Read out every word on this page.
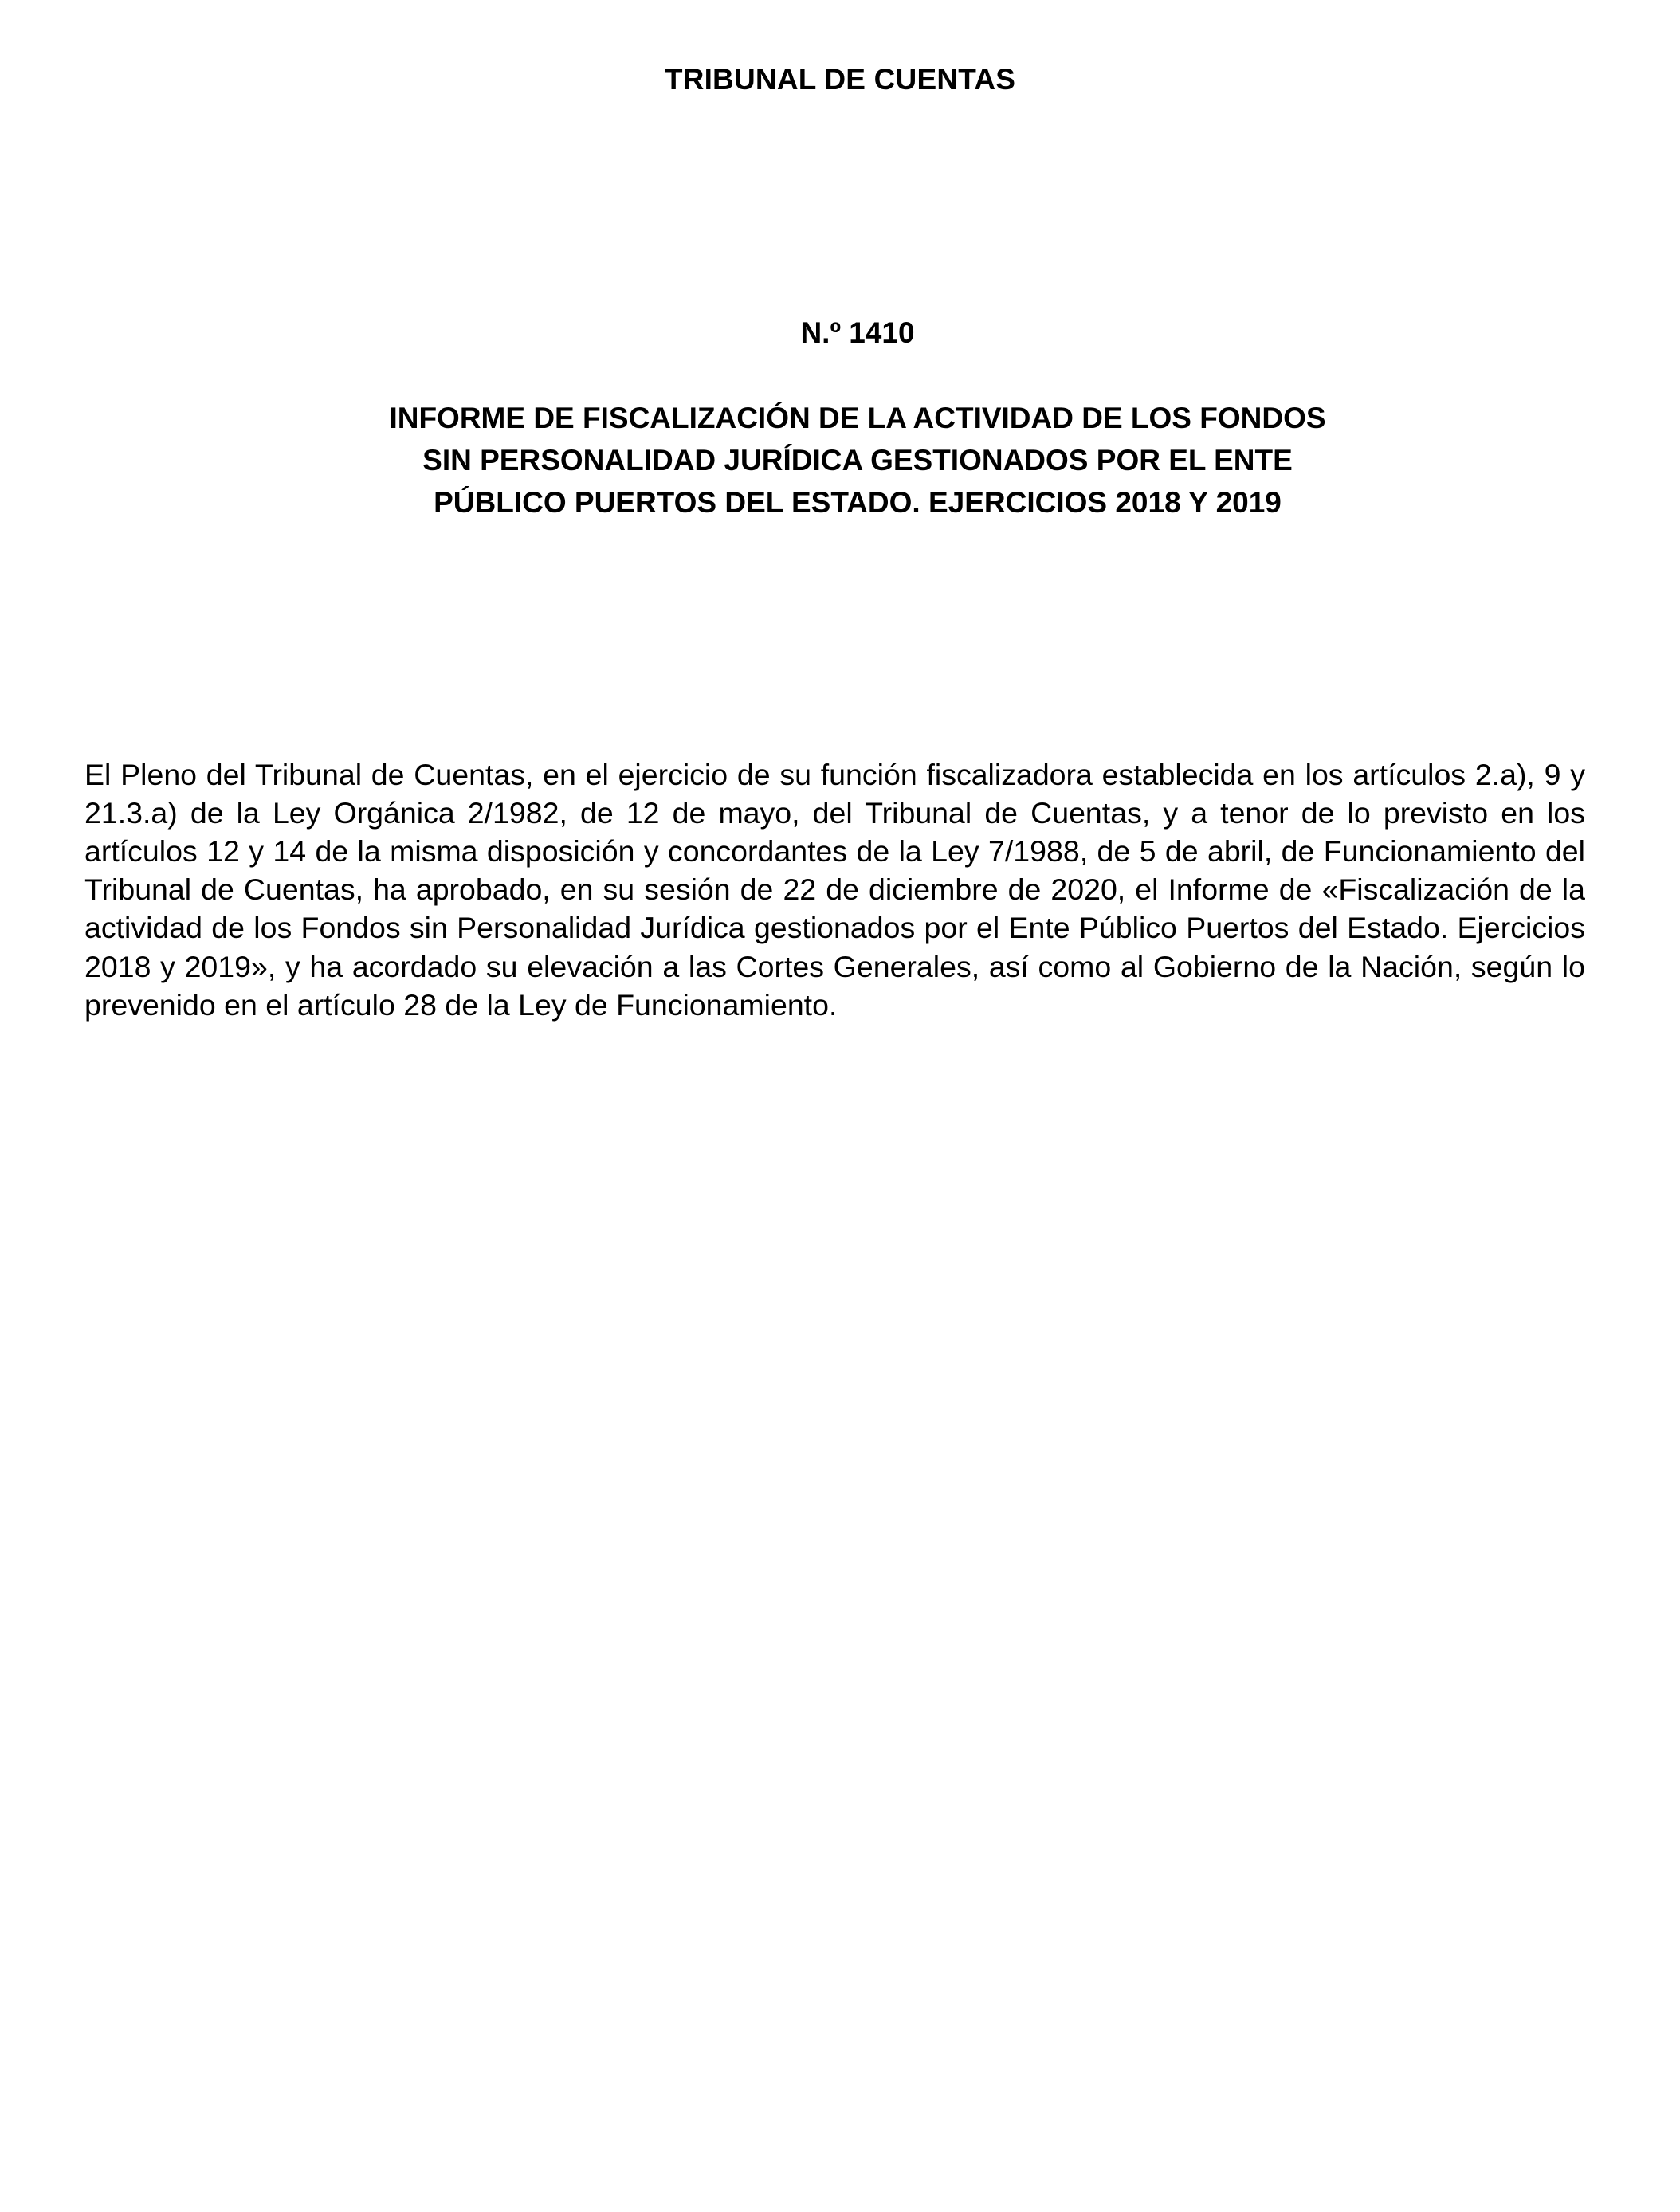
TRIBUNAL DE CUENTAS
N.º 1410
INFORME DE FISCALIZACIÓN DE LA ACTIVIDAD DE LOS FONDOS
SIN PERSONALIDAD JURÍDICA GESTIONADOS POR EL ENTE
PÚBLICO PUERTOS DEL ESTADO. EJERCICIOS 2018 Y 2019

El Pleno del Tribunal de Cuentas, en el ejercicio de su función fiscalizadora establecida en los artículos 2.a), 9 y 21.3.a) de la Ley Orgánica 2/1982, de 12 de mayo, del Tribunal de Cuentas, y a tenor de lo previsto en los artículos 12 y 14 de la misma disposición y concordantes de la Ley 7/1988, de 5 de abril, de Funcionamiento del Tribunal de Cuentas, ha aprobado, en su sesión de 22 de diciembre de 2020, el Informe de «Fiscalización de la actividad de los Fondos sin Personalidad Jurídica gestionados por el Ente Público Puertos del Estado. Ejercicios 2018 y 2019», y ha acordado su elevación a las Cortes Generales, así como al Gobierno de la Nación, según lo prevenido en el artículo 28 de la Ley de Funcionamiento.
